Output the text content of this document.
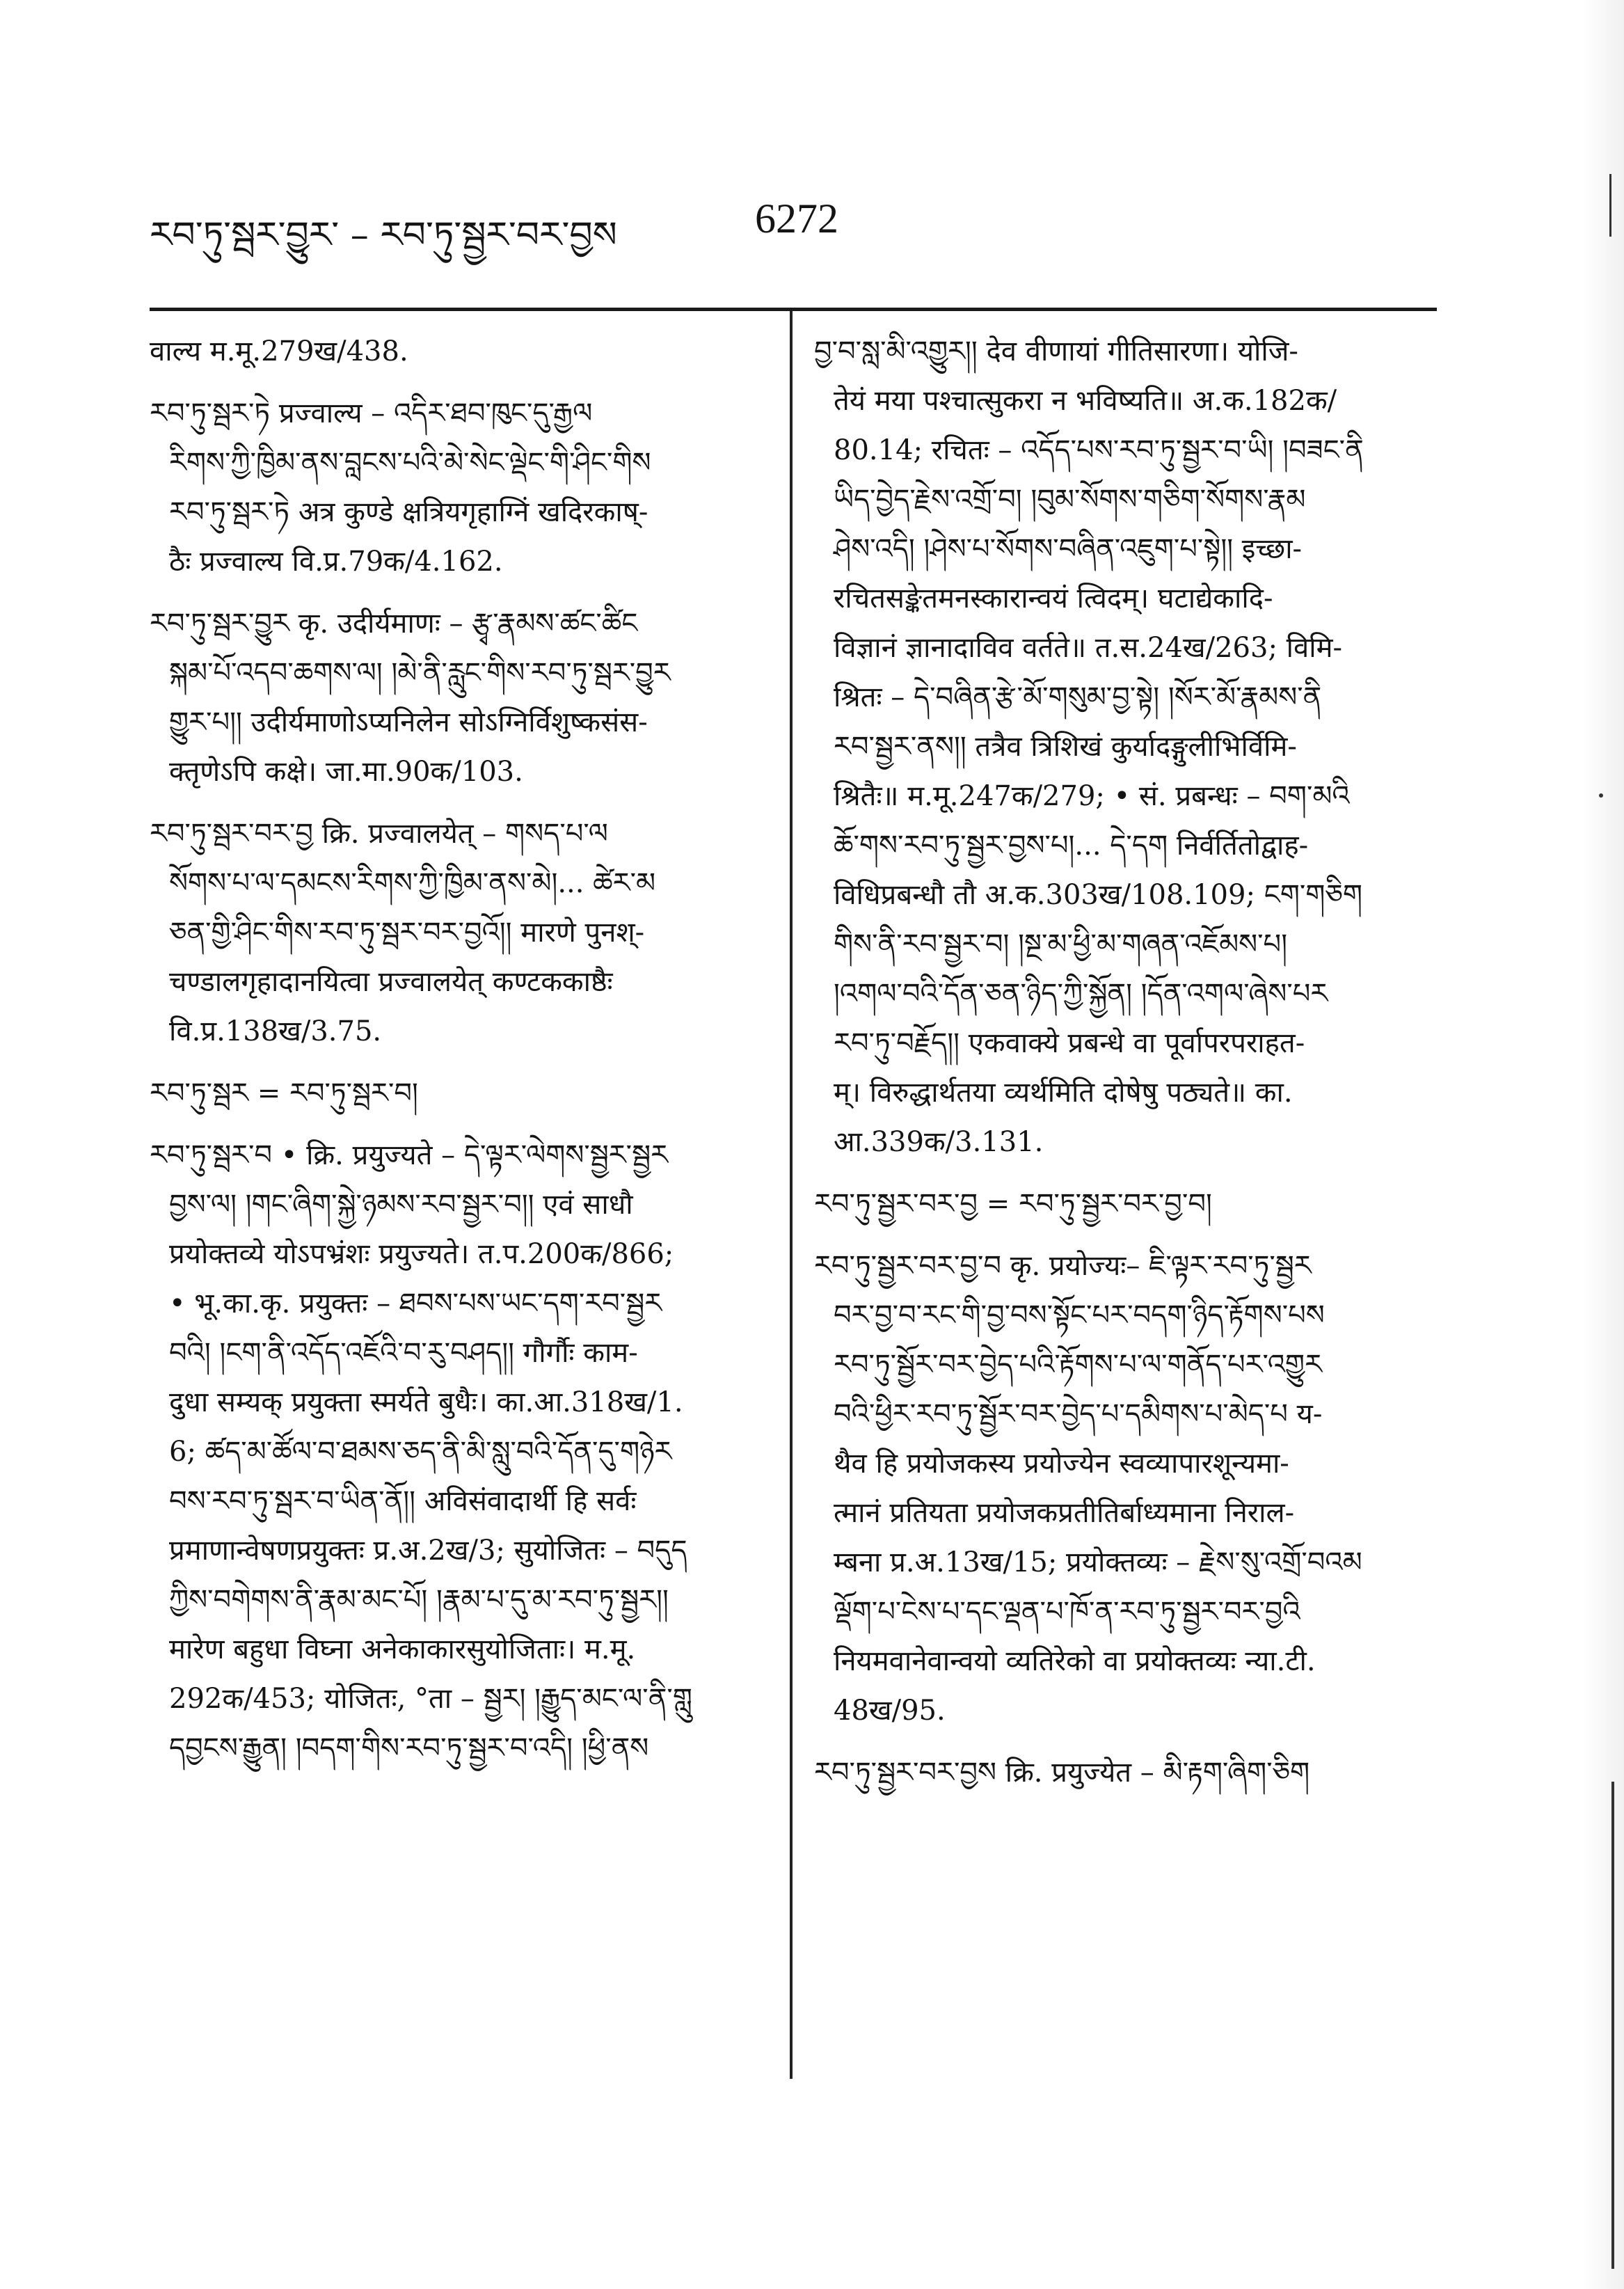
རབ་ཏུ་སྦར་བྱུར་ – རབ་ཏུ་སྦྱར་བར་བྱས	6272
वाल्य म.मू.279ख/438.
རབ་ཏུ་སྦར་ཏེ प्रज्वाल्य – འདིར་ཐབ་ཁུང་དུ་རྒྱལ
རིགས་ཀྱི་ཁྱིམ་ནས་བླངས་པའི་མེ་སེང་ལྡེང་གི་ཤིང་གིས
རབ་ཏུ་སྦར་ཏེ अत्र कुण्डे क्षत्रियगृहाग्निं खदिरकाष्-
ठैः प्रज्वाल्य वि.प्र.79क/4.162.
རབ་ཏུ་སྦར་བྱུར कृ. उदीर्यमाणः – རྩྭ་རྣམས་ཚང་ཚིང
སྐམ་པོ་འདབ་ཆགས་ལ། །མེ་ནི་རླུང་གིས་རབ་ཏུ་སྦར་བྱུར
གྱུར་པ།། उदीर्यमाणोऽप्यनिलेन सोऽग्निर्विशुष्कसंस-
क्तृणेऽपि कक्षे। जा.मा.90क/103.
རབ་ཏུ་སྦར་བར་བྱ क्रि. प्रज्वालयेत् – གསད་པ་ལ
སོགས་པ་ལ་དམངས་རིགས་ཀྱི་ཁྱིམ་ནས་མེ།... ཚེར་མ
ཅན་གྱི་ཤིང་གིས་རབ་ཏུ་སྦར་བར་བྱའོ།། मारणे पुनश्-
चण्डालगृहादानयित्वा प्रज्वालयेत् कण्टककाष्ठैः
वि.प्र.138ख/3.75.
རབ་ཏུ་སྦར = རབ་ཏུ་སྦར་བ།
རབ་ཏུ་སྦར་བ • क्रि. प्रयुज्यते – དེ་ལྟར་ལེགས་སྦྱར་སྦྱར
བྱས་ལ། །གང་ཞིག་སྐྱེ་ཉམས་རབ་སྦྱར་བ།། एवं साधौ
प्रयोक्तव्ये योऽपभ्रंशः प्रयुज्यते। त.प.200क/866;
• भू.का.कृ. प्रयुक्तः – ཐབས་པས་ཡང་དག་རབ་སྦྱར
བའི། །ངག་ནི་འདོད་འཇོའི་བ་རུ་བཤད།། गौर्गौः काम-
दुधा सम्यक् प्रयुक्ता स्मर्यते बुधैः। का.आ.318ख/1.
6; ཚད་མ་ཚོལ་བ་ཐམས་ཅད་ནི་མི་སླུ་བའི་དོན་དུ་གཉེར
བས་རབ་ཏུ་སྦར་བ་ཡིན་ནོ།། अविसंवादार्थी हि सर्वः
प्रमाणान्वेषणप्रयुक्तः प्र.अ.2ख/3; सुयोजितः – བདུད
ཀྱིས་བགེགས་ནི་རྣམ་མང་པོ། །རྣམ་པ་དུ་མ་རབ་ཏུ་སྦྱར།།
मारेण बहुधा विघ्ना अनेकाकारसुयोजिताः। म.मू.
292क/453; योजितः, °ता – སྦྱར། །རྒྱུད་མང་ལ་ནི་གླུ
དབྱངས་རྒྱུན། །བདག་གིས་རབ་ཏུ་སྦྱར་བ་འདི། །ཕྱི་ནས
བྱ་བ་སླ་མི་འགྱུར།། देव वीणायां गीतिसारणा। योजि-
तेयं मया पश्चात्सुकरा न भविष्यति॥ अ.क.182क/
80.14; रचितः – འདོད་པས་རབ་ཏུ་སྦྱར་བ་ཡི། །བཟང་ནི
ཡིད་བྱེད་རྗེས་འགྲོ་བ། །བུམ་སོགས་གཅིག་སོགས་རྣམ
ཤེས་འདི། །ཤེས་པ་སོགས་བཞིན་འཇུག་པ་སྟེ།། इच्छा-
रचितसङ्केतमनस्कारान्वयं त्विदम्। घटाद्येकादि-
विज्ञानं ज्ञानादाविव वर्तते॥ त.स.24ख/263; विमि-
श्रितः – དེ་བཞིན་རྩེ་མོ་གསུམ་བྱ་སྟེ། །སོར་མོ་རྣམས་ནི
རབ་སྦྱར་ནས།། तत्रैव त्रिशिखं कुर्यादङ्गुलीभिर्विमि-
श्रितैः॥ म.मू.247क/279; • सं. प्रबन्धः – བག་མའི
ཆོ་གས་རབ་ཏུ་སྦྱར་བྱས་པ།... དེ་དག निर्वर्तितोद्वाह-
विधिप्रबन्धौ तौ अ.क.303ख/108.109; ངག་གཅིག
གིས་ནི་རབ་སྦྱར་བ། །སྔ་མ་ཕྱི་མ་གཞན་འཇོམས་པ།
།འགལ་བའི་དོན་ཅན་ཉིད་ཀྱི་སྐྱོན། །དོན་འགལ་ཞེས་པར
རབ་ཏུ་བརྗོད།། एकवाक्ये प्रबन्धे वा पूर्वापरपराहत-
म्। विरुद्धार्थतया व्यर्थमिति दोषेषु पठ्यते॥ का.
आ.339क/3.131.
རབ་ཏུ་སྦྱར་བར་བྱ = རབ་ཏུ་སྦྱར་བར་བྱ་བ།
རབ་ཏུ་སྦྱར་བར་བྱ་བ कृ. प्रयोज्यः– ཇི་ལྟར་རབ་ཏུ་སྦྱར
བར་བྱ་བ་རང་གི་བྱ་བས་སྟོང་པར་བདག་ཉིད་རྟོགས་པས
རབ་ཏུ་སྦྱོར་བར་བྱེད་པའི་རྟོགས་པ་ལ་གནོད་པར་འགྱུར
བའི་ཕྱིར་རབ་ཏུ་སྦྱོར་བར་བྱེད་པ་དམིགས་པ་མེད་པ य-
थैव हि प्रयोजकस्य प्रयोज्येन स्वव्यापारशून्यमा-
त्मानं प्रतियता प्रयोजकप्रतीतिर्बाध्यमाना निराल-
म्बना प्र.अ.13ख/15; प्रयोक्तव्यः – རྗེས་སུ་འགྲོ་བའམ
ལྡོག་པ་ངེས་པ་དང་ལྡན་པ་ཁོ་ན་རབ་ཏུ་སྦྱར་བར་བྱའི
नियमवानेवान्वयो व्यतिरेको वा प्रयोक्तव्यः न्या.टी.
48ख/95.
རབ་ཏུ་སྦྱར་བར་བྱས क्रि. प्रयुज्येत – མི་རྟག་ཞིག་ཅིག
